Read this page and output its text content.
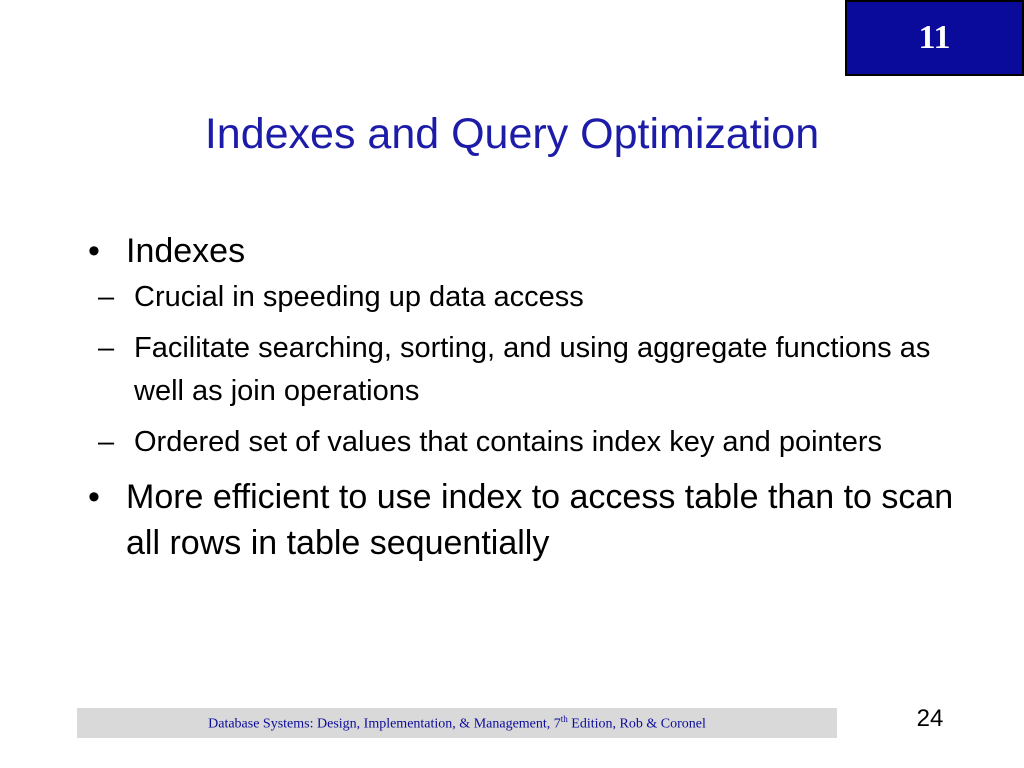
11
Indexes and Query Optimization
• Indexes
– Crucial in speeding up data access
– Facilitate searching, sorting, and using aggregate functions as well as join operations
– Ordered set of values that contains index key and pointers
• More efficient to use index to access table than to scan all rows in table sequentially
Database Systems: Design, Implementation, & Management, 7th Edition, Rob & Coronel	24
